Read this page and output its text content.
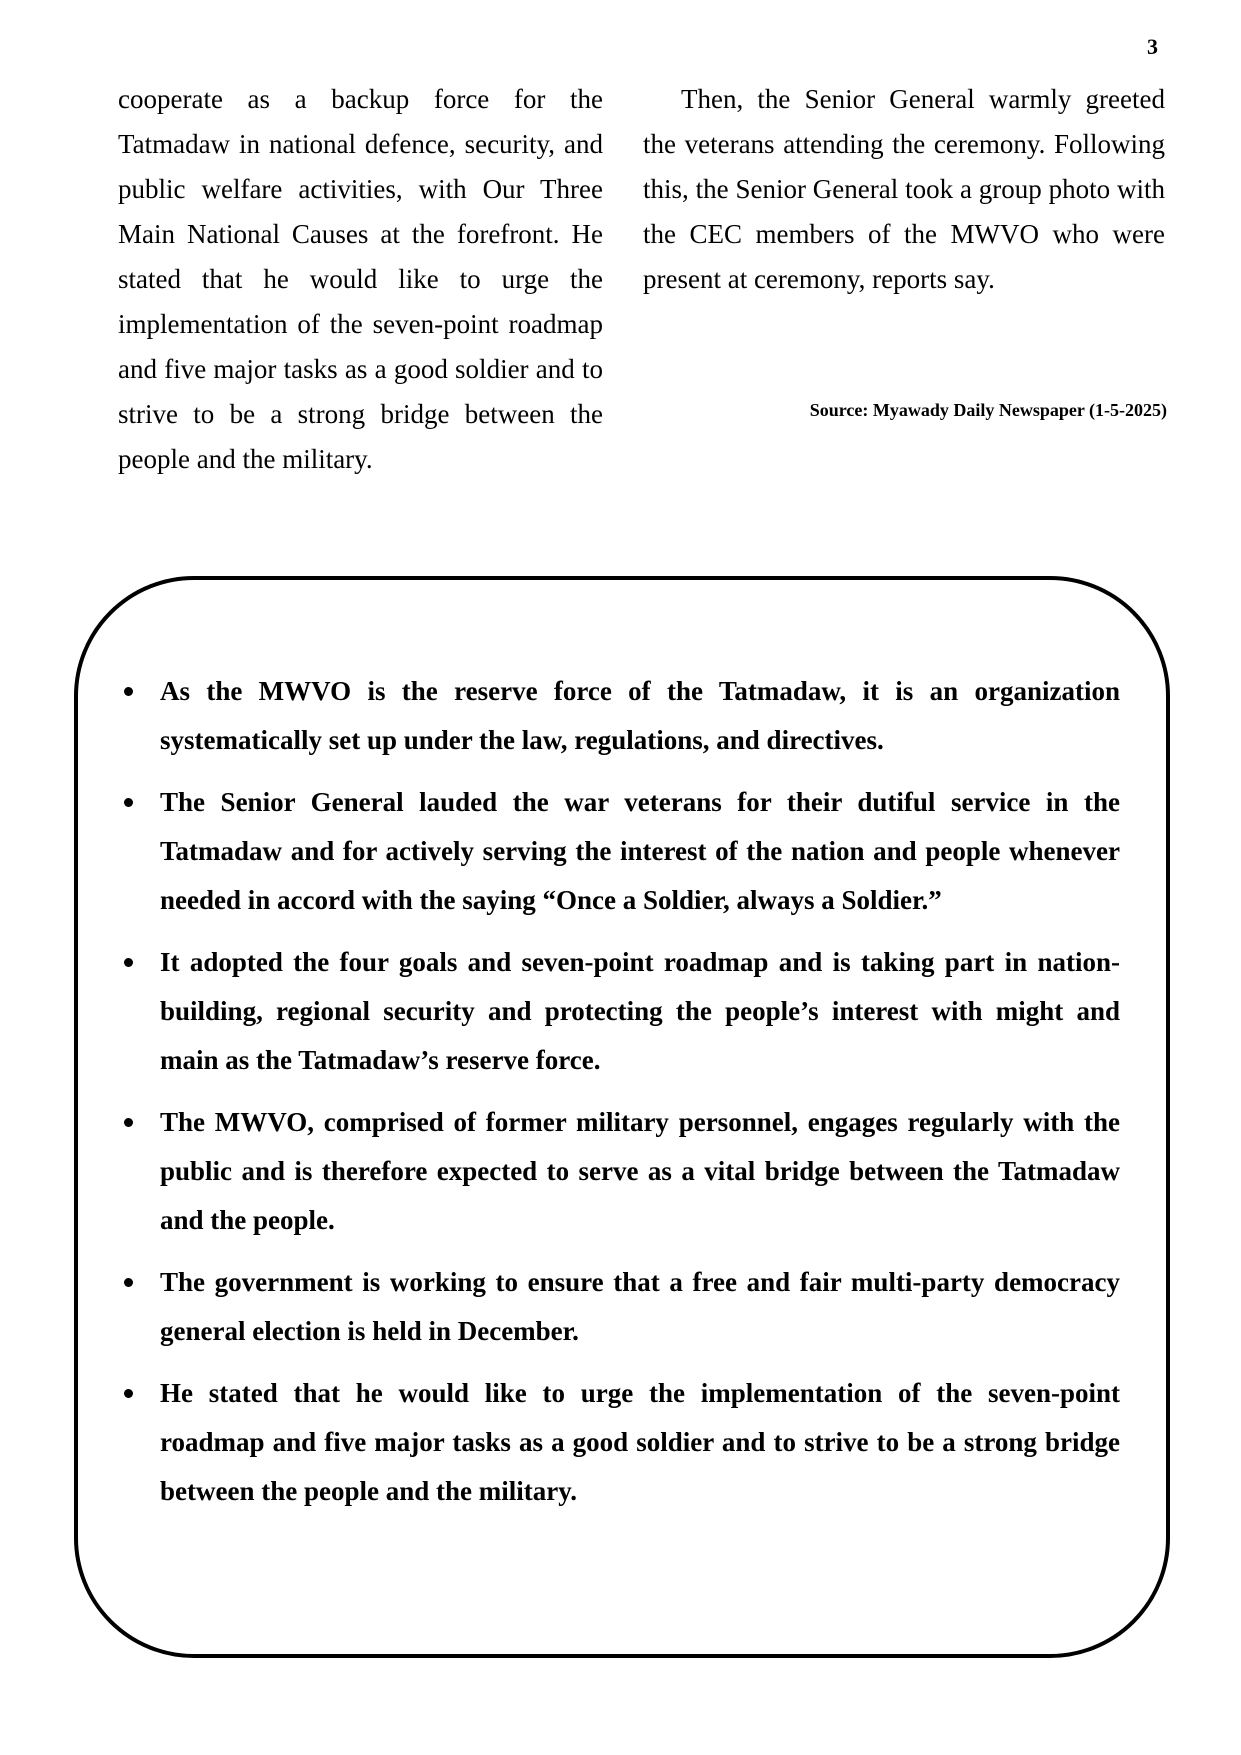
3

cooperate as a backup force for the Tatmadaw in national defence, security, and public welfare activities, with Our Three Main National Causes at the forefront. He stated that he would like to urge the implementation of the seven-point roadmap and five major tasks as a good soldier and to strive to be a strong bridge between the people and the military.

Then, the Senior General warmly greeted the veterans attending the ceremony. Following this, the Senior General took a group photo with the CEC members of the MWVO who were present at ceremony, reports say.

Source: Myawady Daily Newspaper (1-5-2025)
As the MWVO is the reserve force of the Tatmadaw, it is an organization systematically set up under the law, regulations, and directives.
The Senior General lauded the war veterans for their dutiful service in the Tatmadaw and for actively serving the interest of the nation and people whenever needed in accord with the saying “Once a Soldier, always a Soldier.”
It adopted the four goals and seven-point roadmap and is taking part in nation-building, regional security and protecting the people’s interest with might and main as the Tatmadaw’s reserve force.
The MWVO, comprised of former military personnel, engages regularly with the public and is therefore expected to serve as a vital bridge between the Tatmadaw and the people.
The government is working to ensure that a free and fair multi-party democracy general election is held in December.
He stated that he would like to urge the implementation of the seven-point roadmap and five major tasks as a good soldier and to strive to be a strong bridge between the people and the military.
